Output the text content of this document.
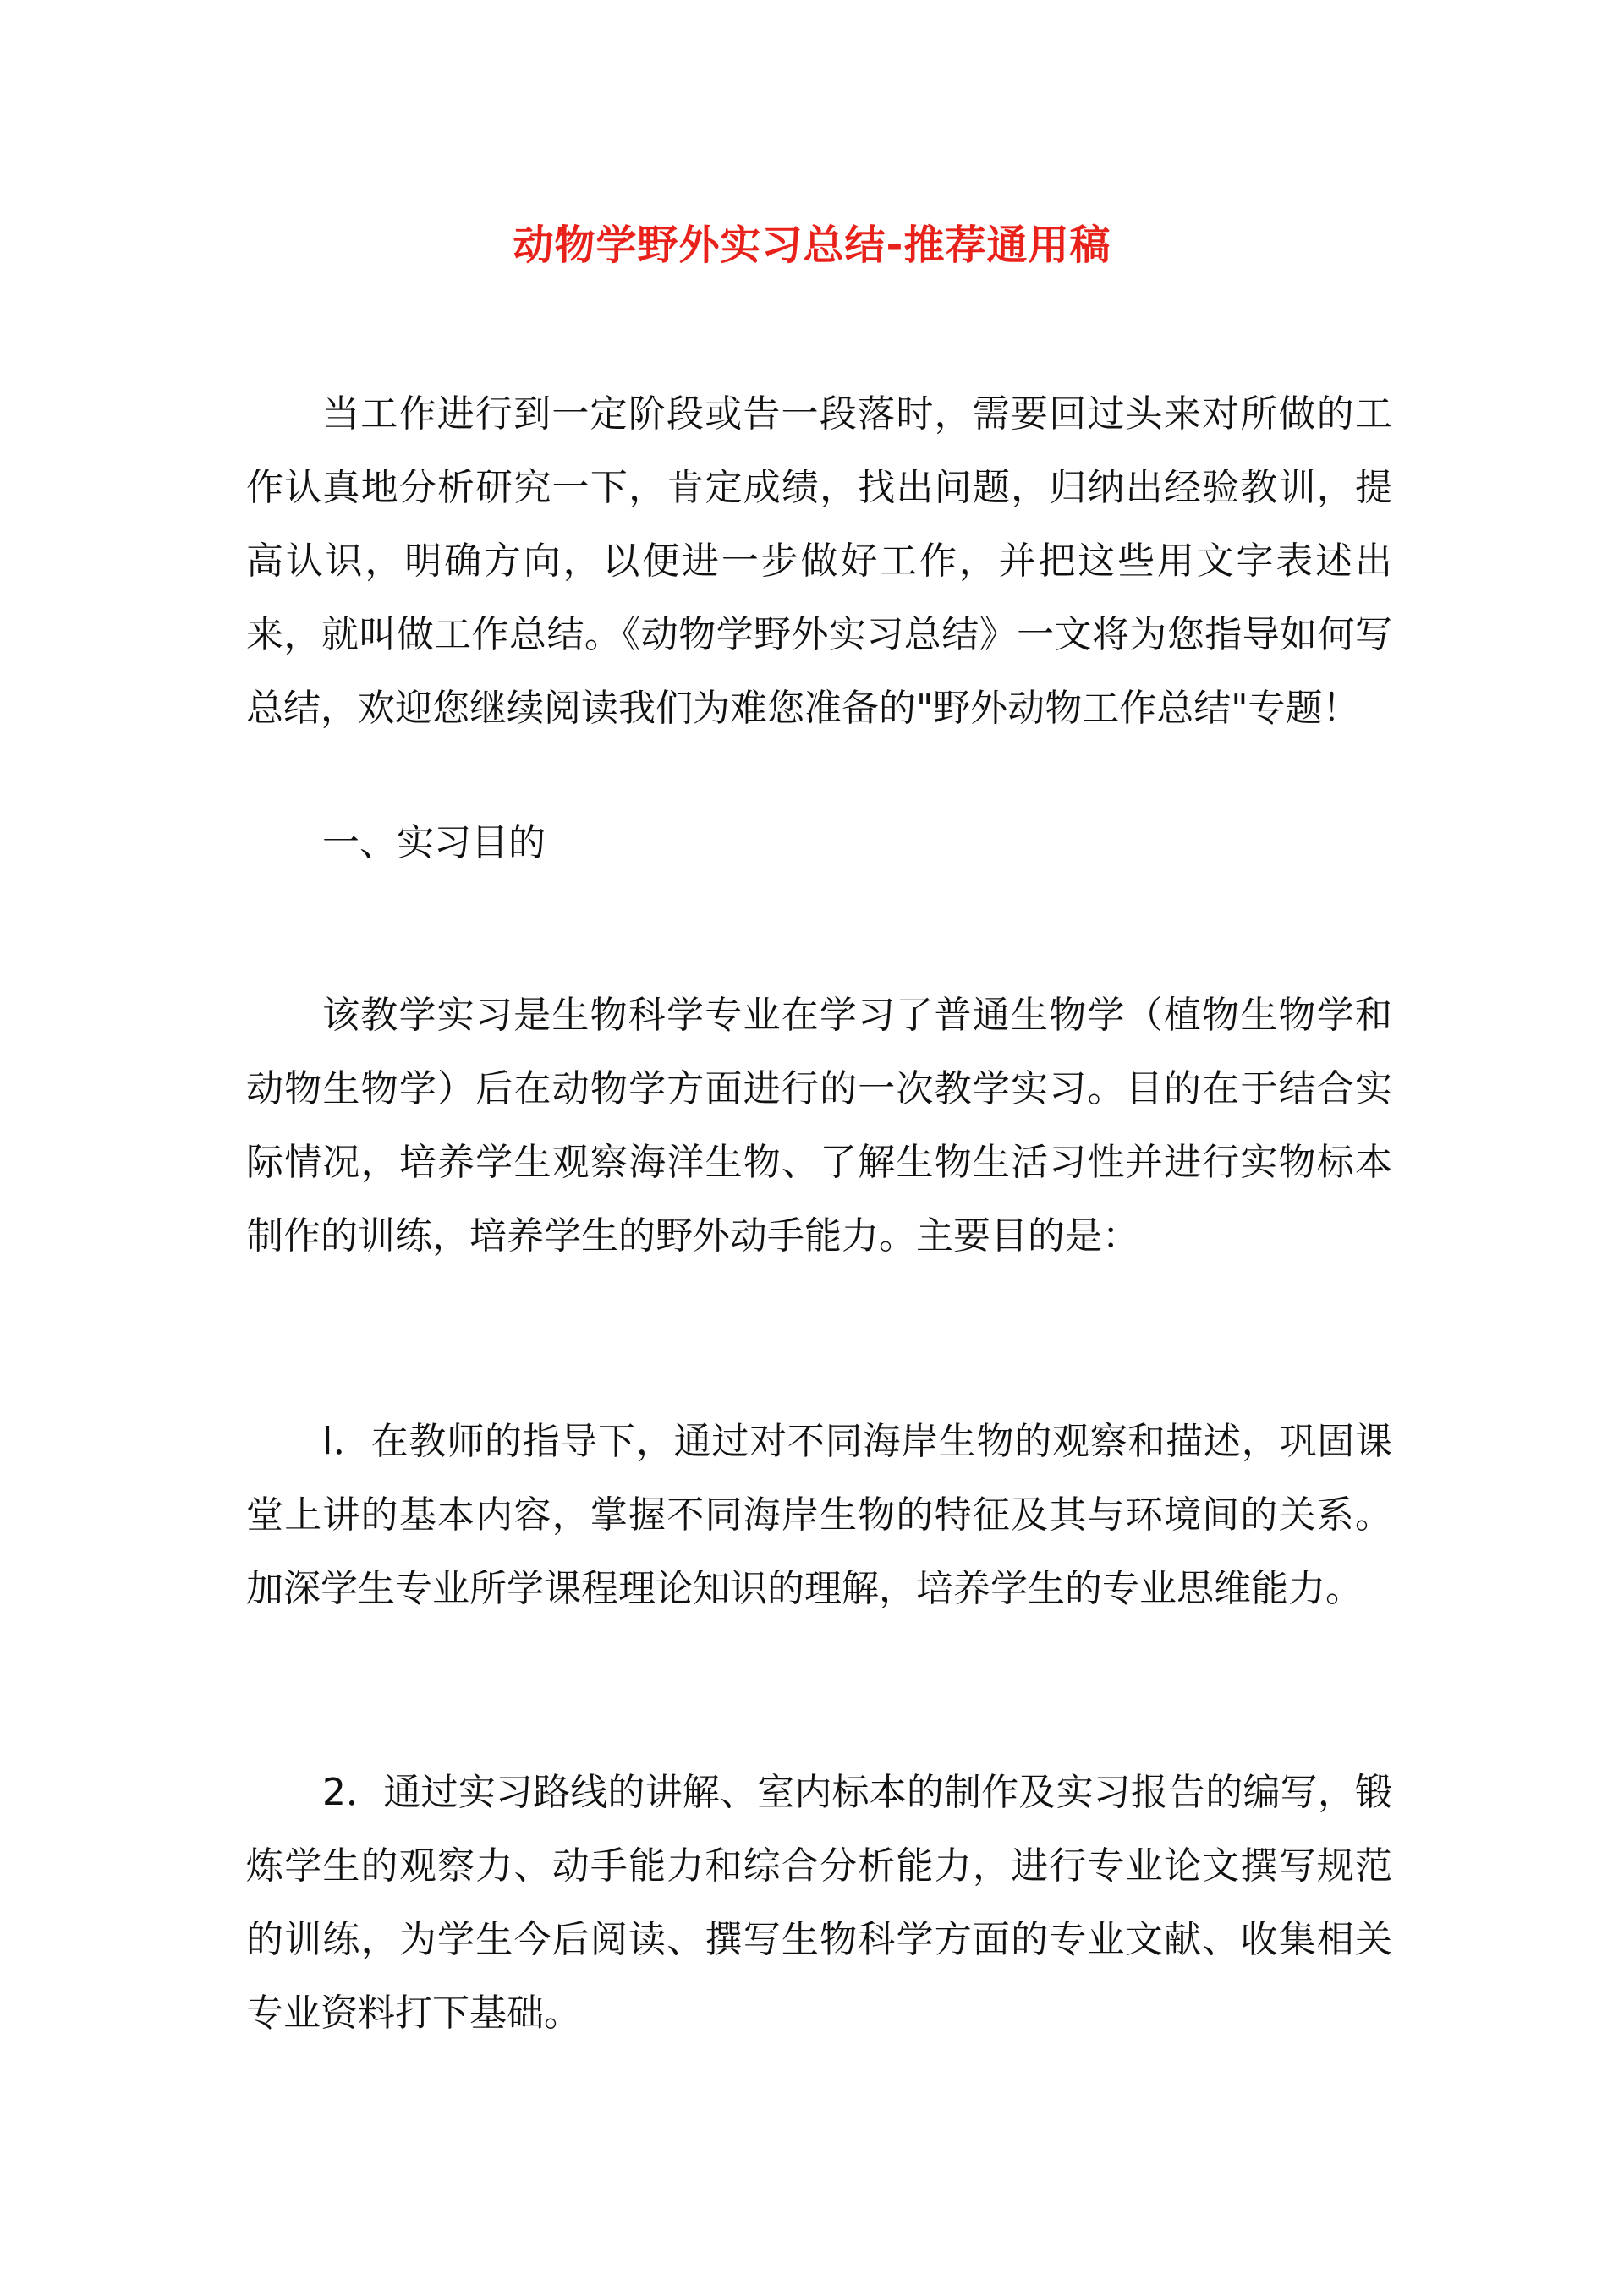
动物学野外实习总结-推荐通用稿

当工作进行到一定阶段或告一段落时，需要回过头来对所做的工作认真地分析研究一下，肯定成绩，找出问题，归纳出经验教训，提高认识，明确方向，以便进一步做好工作，并把这些用文字表述出来，就叫做工作总结。《动物学野外实习总结》一文将为您指导如何写总结，欢迎您继续阅读我们为难您准备的"野外动物工作总结"专题！

一、实习目的

该教学实习是生物科学专业在学习了普通生物学（植物生物学和动物生物学）后在动物学方面进行的一次教学实习。目的在于结合实际情况，培养学生观察海洋生物、了解生物生活习性并进行实物标本制作的训练，培养学生的野外动手能力。主要目的是：

l．在教师的指导下，通过对不同海岸生物的观察和描述，巩固课堂上讲的基本内容，掌握不同海岸生物的特征及其与环境间的关系。加深学生专业所学课程理论知识的理解，培养学生的专业思维能力。

2．通过实习路线的讲解、室内标本的制作及实习报告的编写，锻炼学生的观察力、动手能力和综合分析能力，进行专业论文撰写规范的训练，为学生今后阅读、撰写生物科学方面的专业文献、收集相关专业资料打下基础。
